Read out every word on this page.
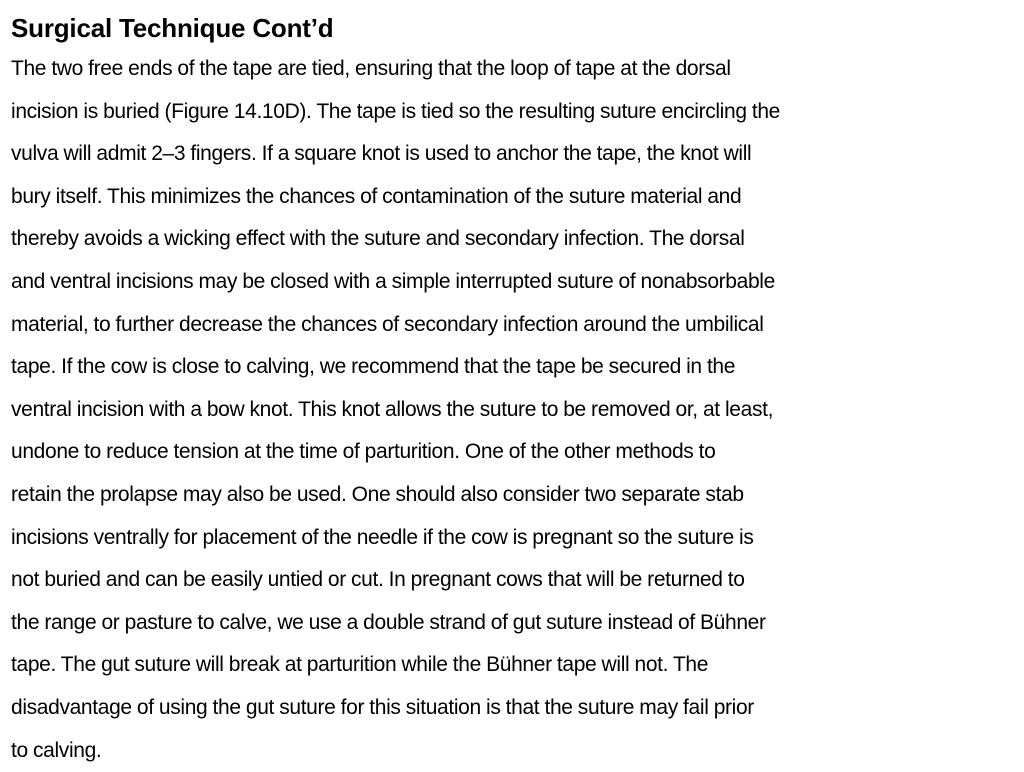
Surgical Technique Cont’d
The two free ends of the tape are tied, ensuring that the loop of tape at the dorsal
incision is buried (Figure 14.10D). The tape is tied so the resulting suture encircling the
vulva will admit 2–3 fingers. If a square knot is used to anchor the tape, the knot will
bury itself. This minimizes the chances of contamination of the suture material and
thereby avoids a wicking effect with the suture and secondary infection. The dorsal
and ventral incisions may be closed with a simple interrupted suture of nonabsorbable
material, to further decrease the chances of secondary infection around the umbilical
tape. If the cow is close to calving, we recommend that the tape be secured in the
ventral incision with a bow knot. This knot allows the suture to be removed or, at least,
undone to reduce tension at the time of parturition. One of the other methods to
retain the prolapse may also be used. One should also consider two separate stab
incisions ventrally for placement of the needle if the cow is pregnant so the suture is
not buried and can be easily untied or cut. In pregnant cows that will be returned to
the range or pasture to calve, we use a double strand of gut suture instead of Bühner
tape. The gut suture will break at parturition while the Bühner tape will not. The
disadvantage of using the gut suture for this situation is that the suture may fail prior
to calving.
